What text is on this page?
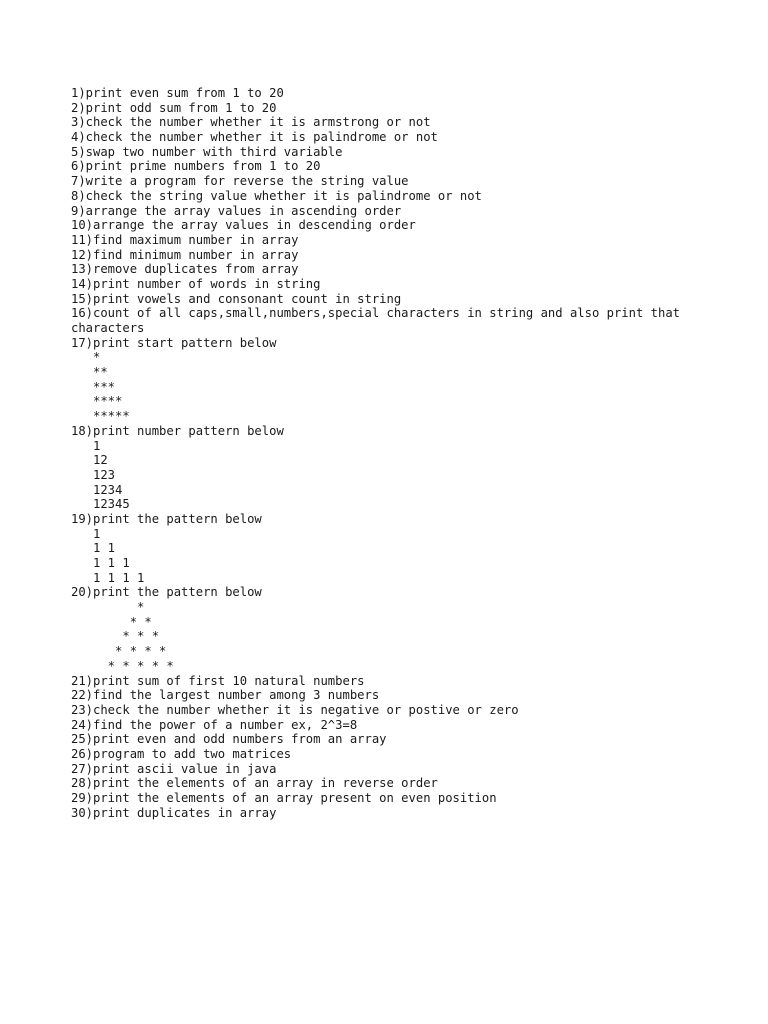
1)print even sum from 1 to 20
2)print odd sum from 1 to 20
3)check the number whether it is armstrong or not
4)check the number whether it is palindrome or not
5)swap two number with third variable
6)print prime numbers from 1 to 20
7)write a program for reverse the string value
8)check the string value whether it is palindrome or not
9)arrange the array values in ascending order
10)arrange the array values in descending order
11)find maximum number in array
12)find minimum number in array
13)remove duplicates from array
14)print number of words in string
15)print vowels and consonant count in string
16)count of all caps,small,numbers,special characters in string and also print that
characters
17)print start pattern below
*
**
***
****
*****
18)print number pattern below
1
12
123
1234
12345
19)print the pattern below
1
1 1
1 1 1
1 1 1 1
20)print the pattern below
*
* *
* * *
* * * *
* * * * *
21)print sum of first 10 natural numbers
22)find the largest number among 3 numbers
23)check the number whether it is negative or postive or zero
24)find the power of a number ex, 2^3=8
25)print even and odd numbers from an array
26)program to add two matrices
27)print ascii value in java
28)print the elements of an array in reverse order
29)print the elements of an array present on even position
30)print duplicates in array
